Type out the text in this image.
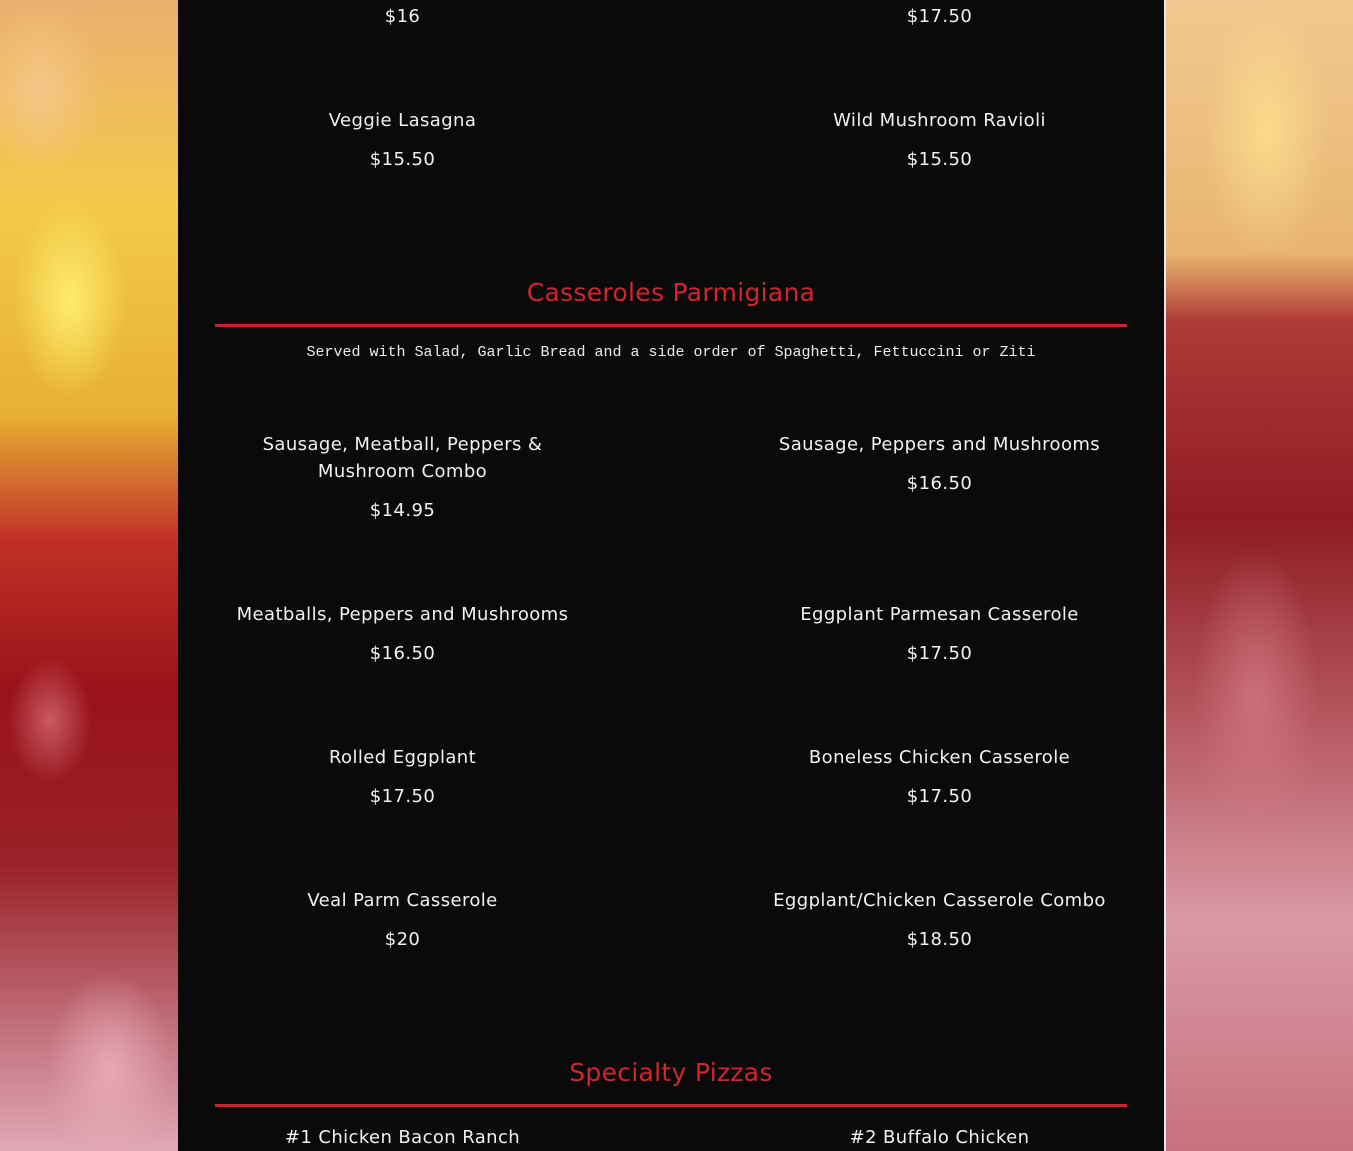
$16	$17.50
Veggie Lasagna
$15.50
Wild Mushroom Ravioli
$15.50
Casseroles Parmigiana
Served with Salad, Garlic Bread and a side order of Spaghetti, Fettuccini or Ziti
Sausage, Meatball, Peppers & Mushroom Combo
$14.95
Sausage, Peppers and Mushrooms
$16.50
Meatballs, Peppers and Mushrooms
$16.50
Eggplant Parmesan Casserole
$17.50
Rolled Eggplant
$17.50
Boneless Chicken Casserole
$17.50
Veal Parm Casserole
$20
Eggplant/Chicken Casserole Combo
$18.50
Specialty Pizzas
#1 Chicken Bacon Ranch	#2 Buffalo Chicken
